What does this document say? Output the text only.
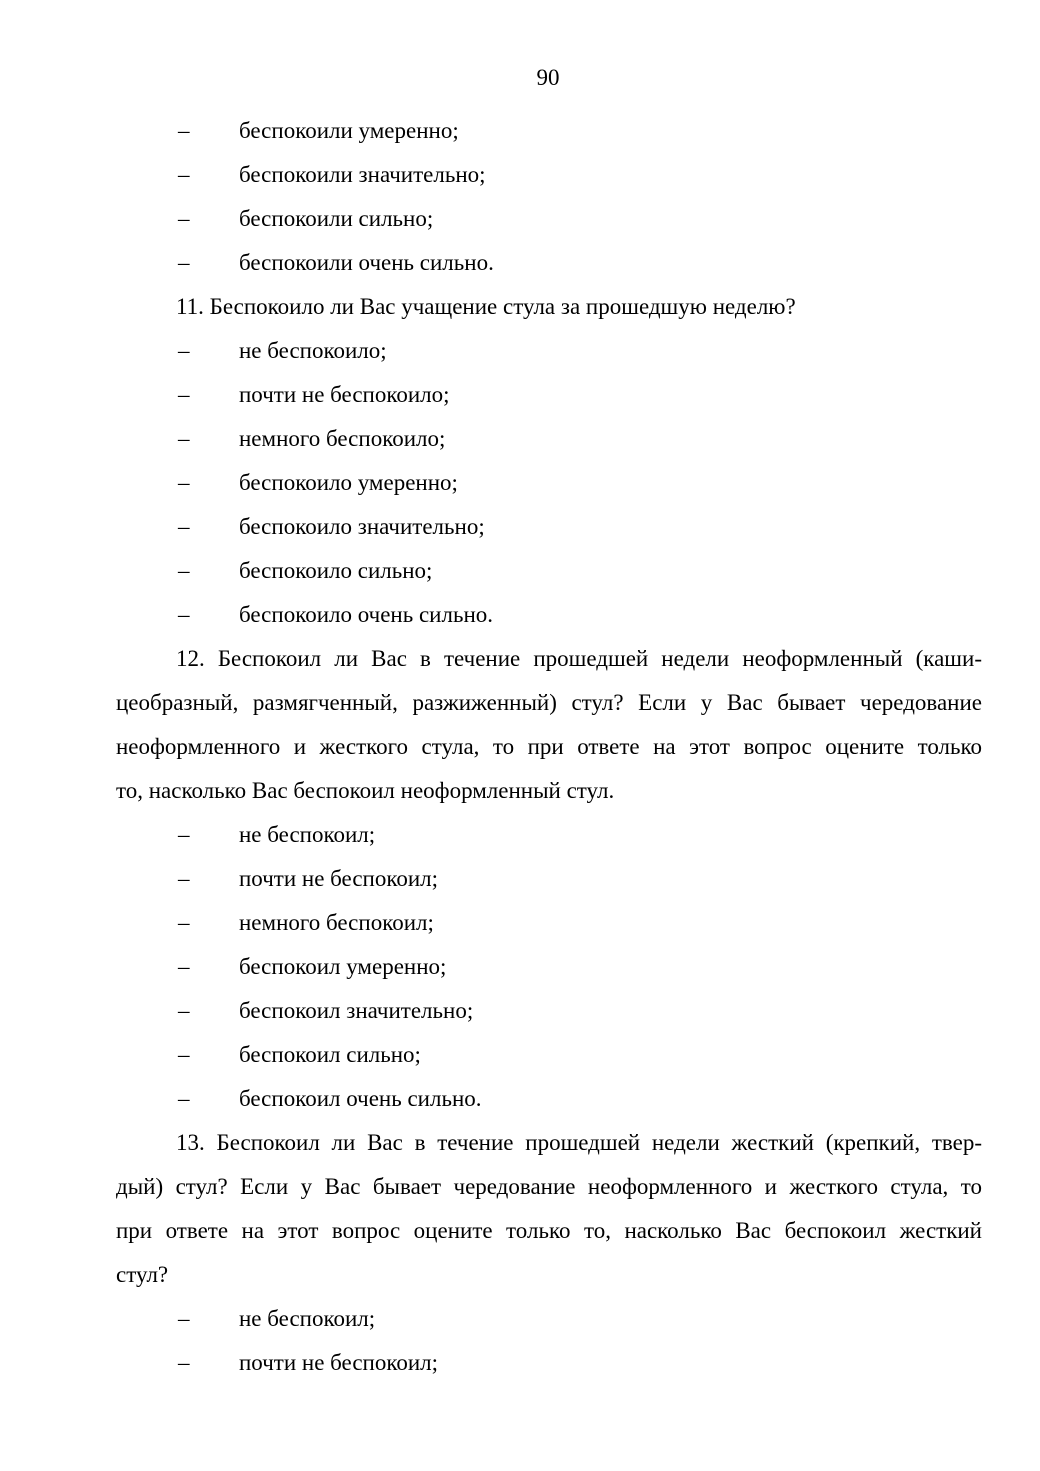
90
– беспокоили умеренно;
– беспокоили значительно;
– беспокоили сильно;
– беспокоили очень сильно.
11. Беспокоило ли Вас учащение стула за прошедшую неделю?
– не беспокоило;
– почти не беспокоило;
– немного беспокоило;
– беспокоило умеренно;
– беспокоило значительно;
– беспокоило сильно;
– беспокоило очень сильно.
12. Беспокоил ли Вас в течение прошедшей недели неоформленный (каши-
цеобразный, размягченный, разжиженный) стул? Если у Вас бывает чередование
неоформленного и жесткого стула, то при ответе на этот вопрос оцените только
то, насколько Вас беспокоил неоформленный стул.
– не беспокоил;
– почти не беспокоил;
– немного беспокоил;
– беспокоил умеренно;
– беспокоил значительно;
– беспокоил сильно;
– беспокоил очень сильно.
13. Беспокоил ли Вас в течение прошедшей недели жесткий (крепкий, твер-
дый) стул? Если у Вас бывает чередование неоформленного и жесткого стула, то
при ответе на этот вопрос оцените только то, насколько Вас беспокоил жесткий
стул?
– не беспокоил;
– почти не беспокоил;
